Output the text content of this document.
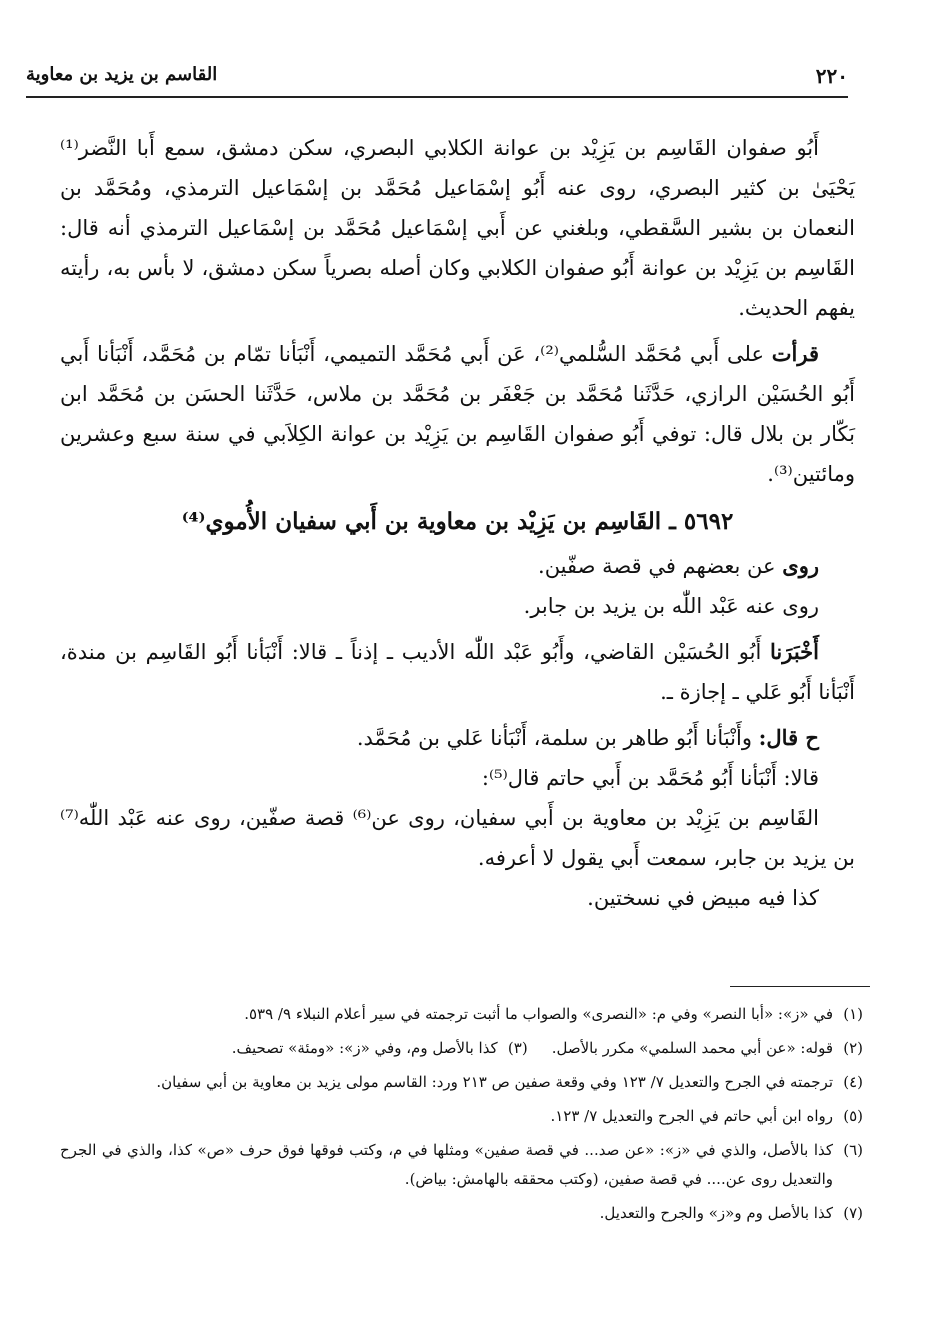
٢٢٠
القاسم بن يزيد بن معاوية

أَبُو صفوان القَاسِم بن يَزِيْد بن عوانة الكلابي البصري، سكن دمشق، سمع أَبا النَّضر⁽¹⁾ يَحْيَىٰ بن كثير البصري، روى عنه أَبُو إسْمَاعيل مُحَمَّد بن إسْمَاعيل الترمذي، ومُحَمَّد بن النعمان بن بشير السَّقطي، وبلغني عن أَبي إسْمَاعيل مُحَمَّد بن إسْمَاعيل الترمذي أنه قال: القَاسِم بن يَزِيْد بن عوانة أَبُو صفوان الكلابي وكان أصله بصرياً سكن دمشق، لا بأس به، رأيته يفهم الحديث.

قرأت على أَبي مُحَمَّد السُّلمي⁽²⁾، عَن أَبي مُحَمَّد التميمي، أَنْبَأنا تمّام بن مُحَمَّد، أَنْبَأنا أَبي أَبُو الحُسَيْن الرازي، حَدَّثَنا مُحَمَّد بن جَعْفَر بن مُحَمَّد بن ملاس، حَدَّثَنا الحسَن بن مُحَمَّد ابن بَكّار بن بلال قال: توفي أَبُو صفوان القَاسِم بن يَزِيْد بن عوانة الكِلاَبي في سنة سبع وعشرين ومائتين⁽³⁾.

٥٦٩٢ ـ القَاسِم بن يَزِيْد بن معاوية بن أَبي سفيان الأُموي⁽⁴⁾

روى عن بعضهم في قصة صفّين.

روى عنه عَبْد اللّٰه بن يزيد بن جابر.

أَخْبَرَنا أَبُو الحُسَيْن القاضي، وأَبُو عَبْد اللّٰه الأديب ـ إذناً ـ قالا: أَنْبَأنا أَبُو القَاسِم بن مندة، أَنْبَأنا أَبُو عَلي ـ إجازة ـ.

ح قال: وأَنْبَأنا أَبُو طاهر بن سلمة، أَنْبَأنا عَلي بن مُحَمَّد.

قالا: أَنْبَأنا أَبُو مُحَمَّد بن أَبي حاتم قال⁽⁵⁾:

القَاسِم بن يَزِيْد بن معاوية بن أَبي سفيان، روى عن⁽⁶⁾ قصة صفّين، روى عنه عَبْد اللّٰه⁽⁷⁾ بن يزيد بن جابر، سمعت أَبي يقول لا أعرفه.

كذا فيه مبيض في نسختين.

(١)
في «ز»: «أبا النصر» وفي م: «النصرى» والصواب ما أثبت ترجمته في سير أعلام النبلاء ٩/ ٥٣٩.
(٢)
قوله: «عن أبي محمد السلمي» مكرر بالأصل.
(٣)
كذا بالأصل وم، وفي «ز»: «ومئة» تصحيف.
(٤)
ترجمته في الجرح والتعديل ٧/ ١٢٣ وفي وقعة صفين ص ٢١٣ ورد: القاسم مولى يزيد بن معاوية بن أبي سفيان.
(٥)
رواه ابن أبي حاتم في الجرح والتعديل ٧/ ١٢٣.
(٦)
كذا بالأصل، والذي في «ز»: «عن صد... في قصة صفين» ومثلها في م، وكتب فوقها فوق حرف «ص» كذا، والذي في الجرح والتعديل روى عن.... في قصة صفين، (وكتب محققه بالهامش: بياض).
(٧)
كذا بالأصل وم و«ز» والجرح والتعديل.
